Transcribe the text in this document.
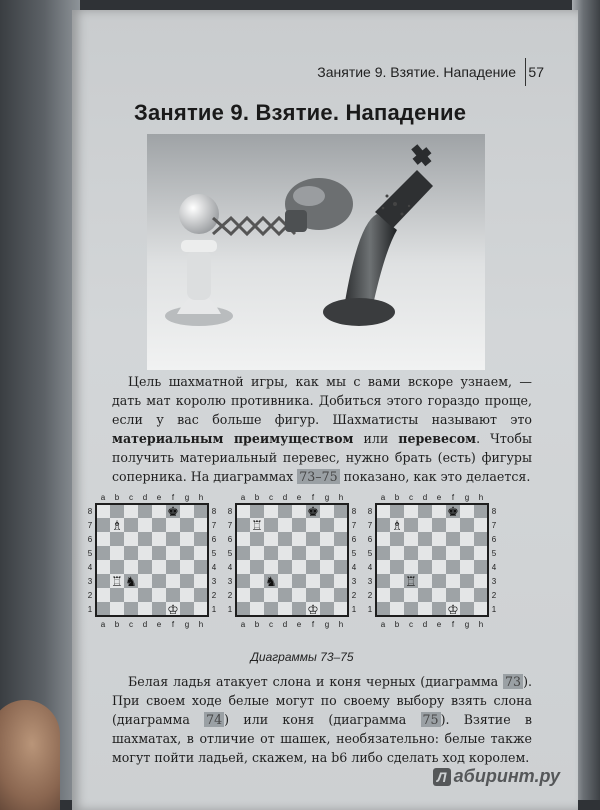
Занятие 9. Взятие. Нападение 57
Занятие 9. Взятие. Нападение

Цель шахматной игры, как мы с вами вскоре узнаем, — дать мат королю противника. Добиться этого гораздо проще, если у вас больше фигур. Шахматисты называют это материальным преимуществом или перевесом. Чтобы получить материальный перевес, нужно брать (есть) фигуры соперника. На диаграммах 73–75 показано, как это делается.

a
a
b
b
c
c
d
d
e
e
f
f
g
g
h
h
8	8
7	7
6	6
5	5
4	4
3	3
2	2
1	1
♚
♗
♖ ♞
♔
a
a
b
b
c
c
d
d
e
e
f
f
g
g
h
h
8	8
7	7
6	6
5	5
4	4
3	3
2	2
1	1
♚
♖
♞
♔
a
a
b
b
c
c
d
d
e
e
f
f
g
g
h
h
8	8
7	7
6	6
5	5
4	4
3	3
2	2
1	1
♚
♗
♖
♔
Диаграммы 73–75

Белая ладья атакует слона и коня черных (диаграмма 73 ). При своем ходе белые могут по своему выбору взять слона (диаграмма 74 ) или коня (диаграмма 75 ). Взятие в шахматах, в отличие от шашек, необязательно: белые также могут пойти ладьей, скажем, на b6 либо сделать ход королем.

Л абиринт.ру
